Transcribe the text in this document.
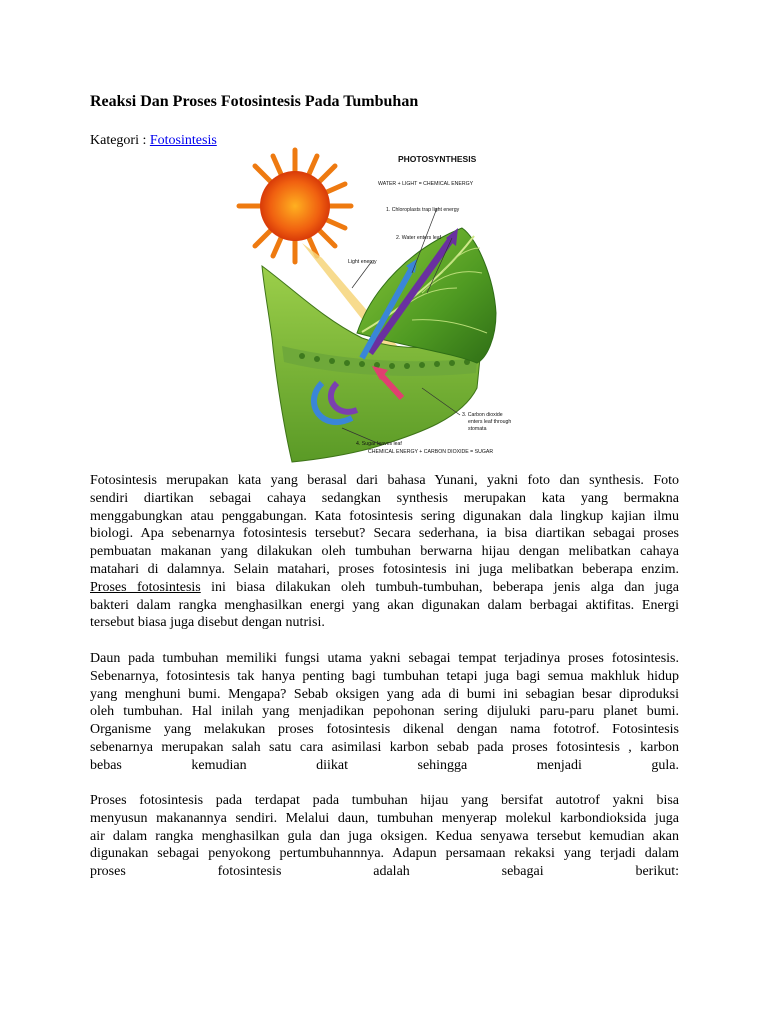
Reaksi Dan Proses Fotosintesis Pada Tumbuhan
Kategori : Fotosintesis
PHOTOSYNTHESIS
WATER + LIGHT = CHEMICAL ENERGY
1. Chloroplasts trap light energy
2. Water enters leaf
Light energy
3. Carbon dioxide
enters leaf through
stomata
4. Sugar leaves leaf
CHEMICAL ENERGY + CARBON DIOXIDE = SUGAR

Fotosintesis merupakan kata yang berasal dari bahasa Yunani, yakni foto dan synthesis. Foto
sendiri diartikan sebagai cahaya sedangkan synthesis merupakan kata yang bermakna
menggabungkan atau penggabungan. Kata fotosintesis sering digunakan dala lingkup kajian ilmu
biologi. Apa sebenarnya fotosintesis tersebut? Secara sederhana, ia bisa diartikan sebagai proses
pembuatan makanan yang dilakukan oleh tumbuhan berwarna hijau dengan melibatkan cahaya
matahari di dalamnya. Selain matahari, proses fotosintesis ini juga melibatkan beberapa enzim.
Proses fotosintesis ini biasa dilakukan oleh tumbuh-tumbuhan, beberapa jenis alga dan juga
bakteri dalam rangka menghasilkan energi yang akan digunakan dalam berbagai aktifitas. Energi
tersebut biasa juga disebut dengan nutrisi.

Daun pada tumbuhan memiliki fungsi utama yakni sebagai tempat terjadinya proses fotosintesis.
Sebenarnya, fotosintesis tak hanya penting bagi tumbuhan tetapi juga bagi semua makhluk hidup
yang menghuni bumi. Mengapa? Sebab oksigen yang ada di bumi ini sebagian besar diproduksi
oleh tumbuhan. Hal inilah yang menjadikan pepohonan sering dijuluki paru-paru planet bumi.
Organisme yang melakukan proses fotosintesis dikenal dengan nama fototrof. Fotosintesis
sebenarnya merupakan salah satu cara asimilasi karbon sebab pada proses fotosintesis , karbon
bebas kemudian diikat sehingga menjadi gula.

Proses fotosintesis pada terdapat pada tumbuhan hijau yang bersifat autotrof yakni bisa
menyusun makanannya sendiri. Melalui daun, tumbuhan menyerap molekul karbondioksida juga
air dalam rangka menghasilkan gula dan juga oksigen. Kedua senyawa tersebut kemudian akan
digunakan sebagai penyokong pertumbuhannnya. Adapun persamaan rekaksi yang terjadi dalam
proses fotosintesis adalah sebagai berikut:
